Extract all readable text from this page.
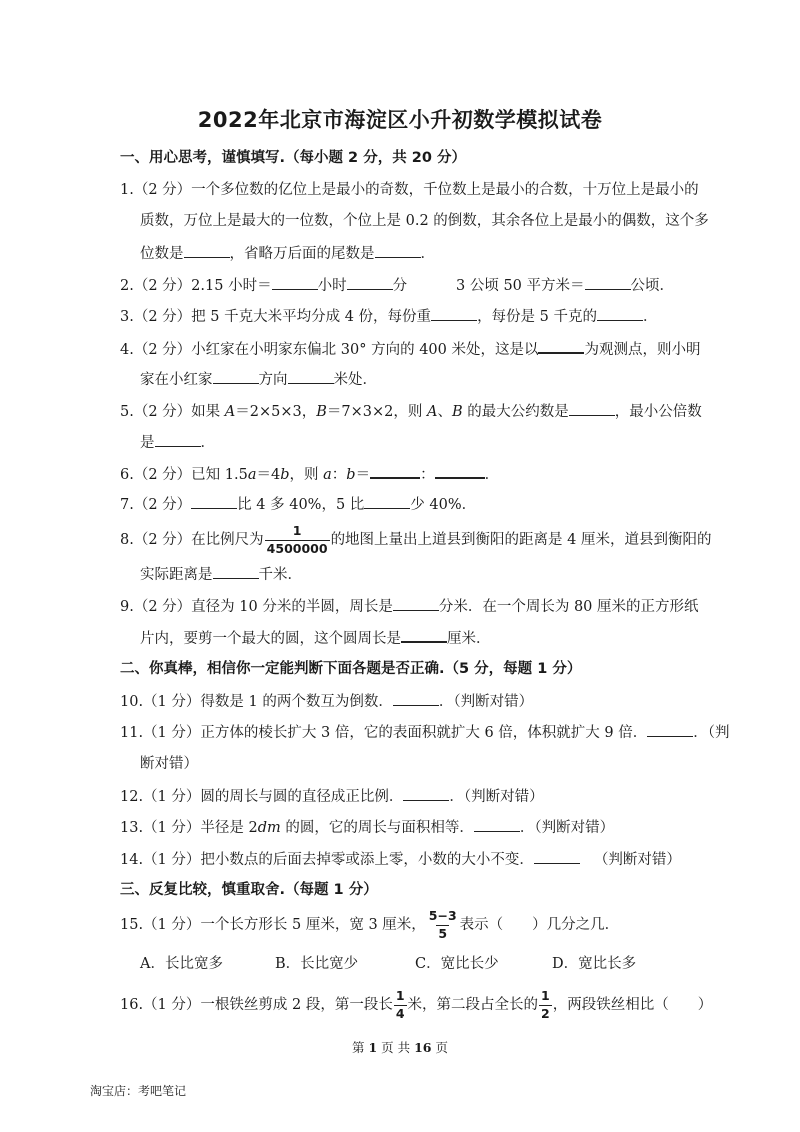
2022年北京市海淀区小升初数学模拟试卷
一、用心思考，谨慎填写.（每小题 2 分，共 20 分）
1.（2 分）一个多位数的亿位上是最小的奇数，千位数上是最小的合数，十万位上是最小的
质数，万位上是最大的一位数，个位上是 0.2 的倒数，其余各位上是最小的偶数，这个多
位数是	，省略万后面的尾数是	．
2.（2 分）2.15 小时＝	小时	分	3 公顷 50 平方米＝	公顷．
3.（2 分）把 5 千克大米平均分成 4 份，每份重	，每份是 5 千克的	．
4.（2 分）小红家在小明家东偏北 30° 方向的 400 米处，这是以	为观测点，则小明
家在小红家	方向	米处．
5.（2 分）如果 A＝2×5×3，B＝7×3×2，则 A、B 的最大公约数是	，最小公倍数
是	．
6.（2 分）已知 1.5a＝4b，则 a：b＝	：	．
7.（2 分）	比 4 多 40%，5 比	少 40%．
8.（2 分）在比例尺为 $\frac{1}{4500000}$ 的地图上量出上道县到衡阳的距离是 4 厘米，道县到衡阳的
实际距离是	千米．
9.（2 分）直径为 10 分米的半圆，周长是	分米．在一个周长为 80 厘米的正方形纸
片内，要剪一个最大的圆，这个圆周长是	厘米．
二、你真棒，相信你一定能判断下面各题是否正确.（5 分，每题 1 分）
10.（1 分）得数是 1 的两个数互为倒数．	．（判断对错）
11.（1 分）正方体的棱长扩大 3 倍，它的表面积就扩大 6 倍，体积就扩大 9 倍．	．（判
断对错）
12.（1 分）圆的周长与圆的直径成正比例．	．（判断对错）
13.（1 分）半径是 2dm 的圆，它的周长与面积相等．	．（判断对错）
14.（1 分）把小数点的后面去掉零或添上零，小数的大小不变．	（判断对错）
三、反复比较，慎重取舍.（每题 1 分）
15.（1 分）一个长方形长 5 厘米，宽 3 厘米， $\frac{5-3}{5}$ 表示（　　）几分之几．
A．长比宽多	B．长比宽少	C．宽比长少	D．宽比长多
16.（1 分）一根铁丝剪成 2 段，第一段长 $\frac{1}{4}$ 米，第二段占全长的 $\frac{1}{2}$ ，两段铁丝相比（　　）
第 1 页 共 16 页
淘宝店：考吧笔记
